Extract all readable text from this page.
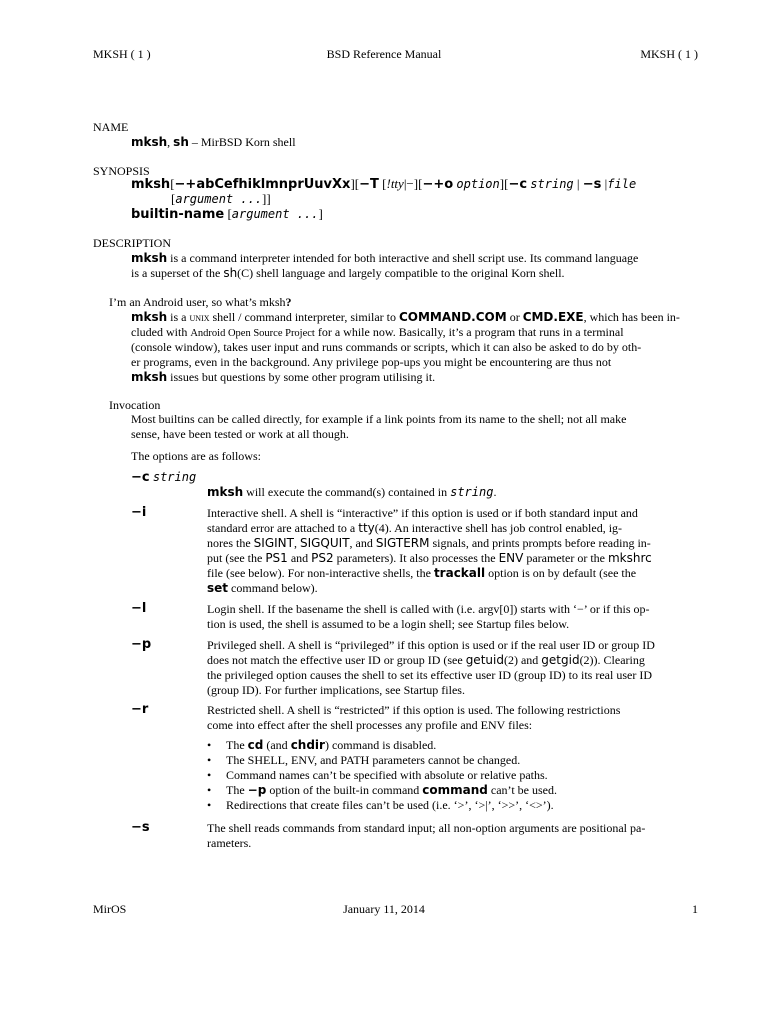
MKSH ( 1 )	BSD Reference Manual	MKSH ( 1 )
NAME
mksh, sh – MirBSD Korn shell
SYNOPSIS
mksh[−+abCefhiklmnprUuvXx][−T [!tty|−][−+o option][−c string | −s |file
[argument ...]]
builtin-name [argument ...]
DESCRIPTION
mksh is a command interpreter intended for both interactive and shell script use. Its command language
is a superset of the sh(C) shell language and largely compatible to the original Korn shell.
I’m an Android user, so what’s mksh?
mksh is a unix shell / command interpreter, similar to COMMAND.COM or CMD.EXE, which has been in-
cluded with Android Open Source Project for a while now. Basically, it’s a program that runs in a terminal
(console window), takes user input and runs commands or scripts, which it can also be asked to do by oth-
er programs, even in the background. Any privilege pop-ups you might be encountering are thus not
mksh issues but questions by some other program utilising it.
Invocation
Most builtins can be called directly, for example if a link points from its name to the shell; not all make
sense, have been tested or work at all though.
The options are as follows:
−c string
mksh will execute the command(s) contained in string.
−i	Interactive shell. A shell is “interactive” if this option is used or if both standard input and
standard error are attached to a tty(4). An interactive shell has job control enabled, ig-
nores the SIGINT, SIGQUIT, and SIGTERM signals, and prints prompts before reading in-
put (see the PS1 and PS2 parameters). It also processes the ENV parameter or the mkshrc
file (see below). For non-interactive shells, the trackall option is on by default (see the
set command below).
−l	Login shell. If the basename the shell is called with (i.e. argv[0]) starts with ‘−’ or if this op-
tion is used, the shell is assumed to be a login shell; see Startup files below.
−p	Privileged shell. A shell is “privileged” if this option is used or if the real user ID or group ID
does not match the effective user ID or group ID (see getuid(2) and getgid(2)). Clearing
the privileged option causes the shell to set its effective user ID (group ID) to its real user ID
(group ID). For further implications, see Startup files.
−r	Restricted shell. A shell is “restricted” if this option is used. The following restrictions
come into effect after the shell processes any profile and ENV files:
• The cd (and chdir) command is disabled.
• The SHELL, ENV, and PATH parameters cannot be changed.
• Command names can’t be specified with absolute or relative paths.
• The −p option of the built-in command command can’t be used.
• Redirections that create files can’t be used (i.e. ‘>’, ‘>|’, ‘>>’, ‘<>’).
−s	The shell reads commands from standard input; all non-option arguments are positional pa-
rameters.
MirOS	January 11, 2014	1
